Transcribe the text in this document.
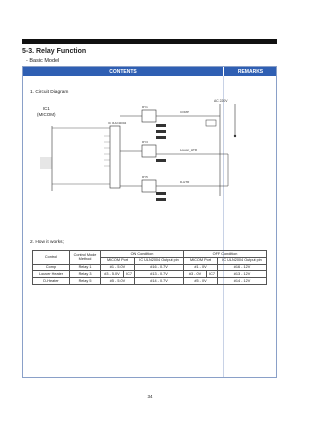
5-3. Relay Function
- Basic Model
CONTENTS	REMARKS
1. Circuit Diagram
IC1
(MICOM)
IC 4ULN2004
RY1
COMP
RY3
Louver_HTR
RY5
D-HTR
AC 220V
2. How it works;
Control	Control Mode Method	ON Condition			OFF Condition		
		MICOM Port		IC ULN2004 Output pin	MICOM Port		IC ULN2004 Output pin
Comp	Relay 1	#1 - 5.0V		#16 - 0.7V	#1 - 0V		#16 - 12V
Louver Heater	Relay 3	#3 - 5.0V	IC7	#13 - 0.7V	#3 - 0V	IC7	#13 - 12V
D-Heater	Relay 5	#5 - 5.0V		#14 - 0.7V	#5 - 0V		#14 - 12V
34
